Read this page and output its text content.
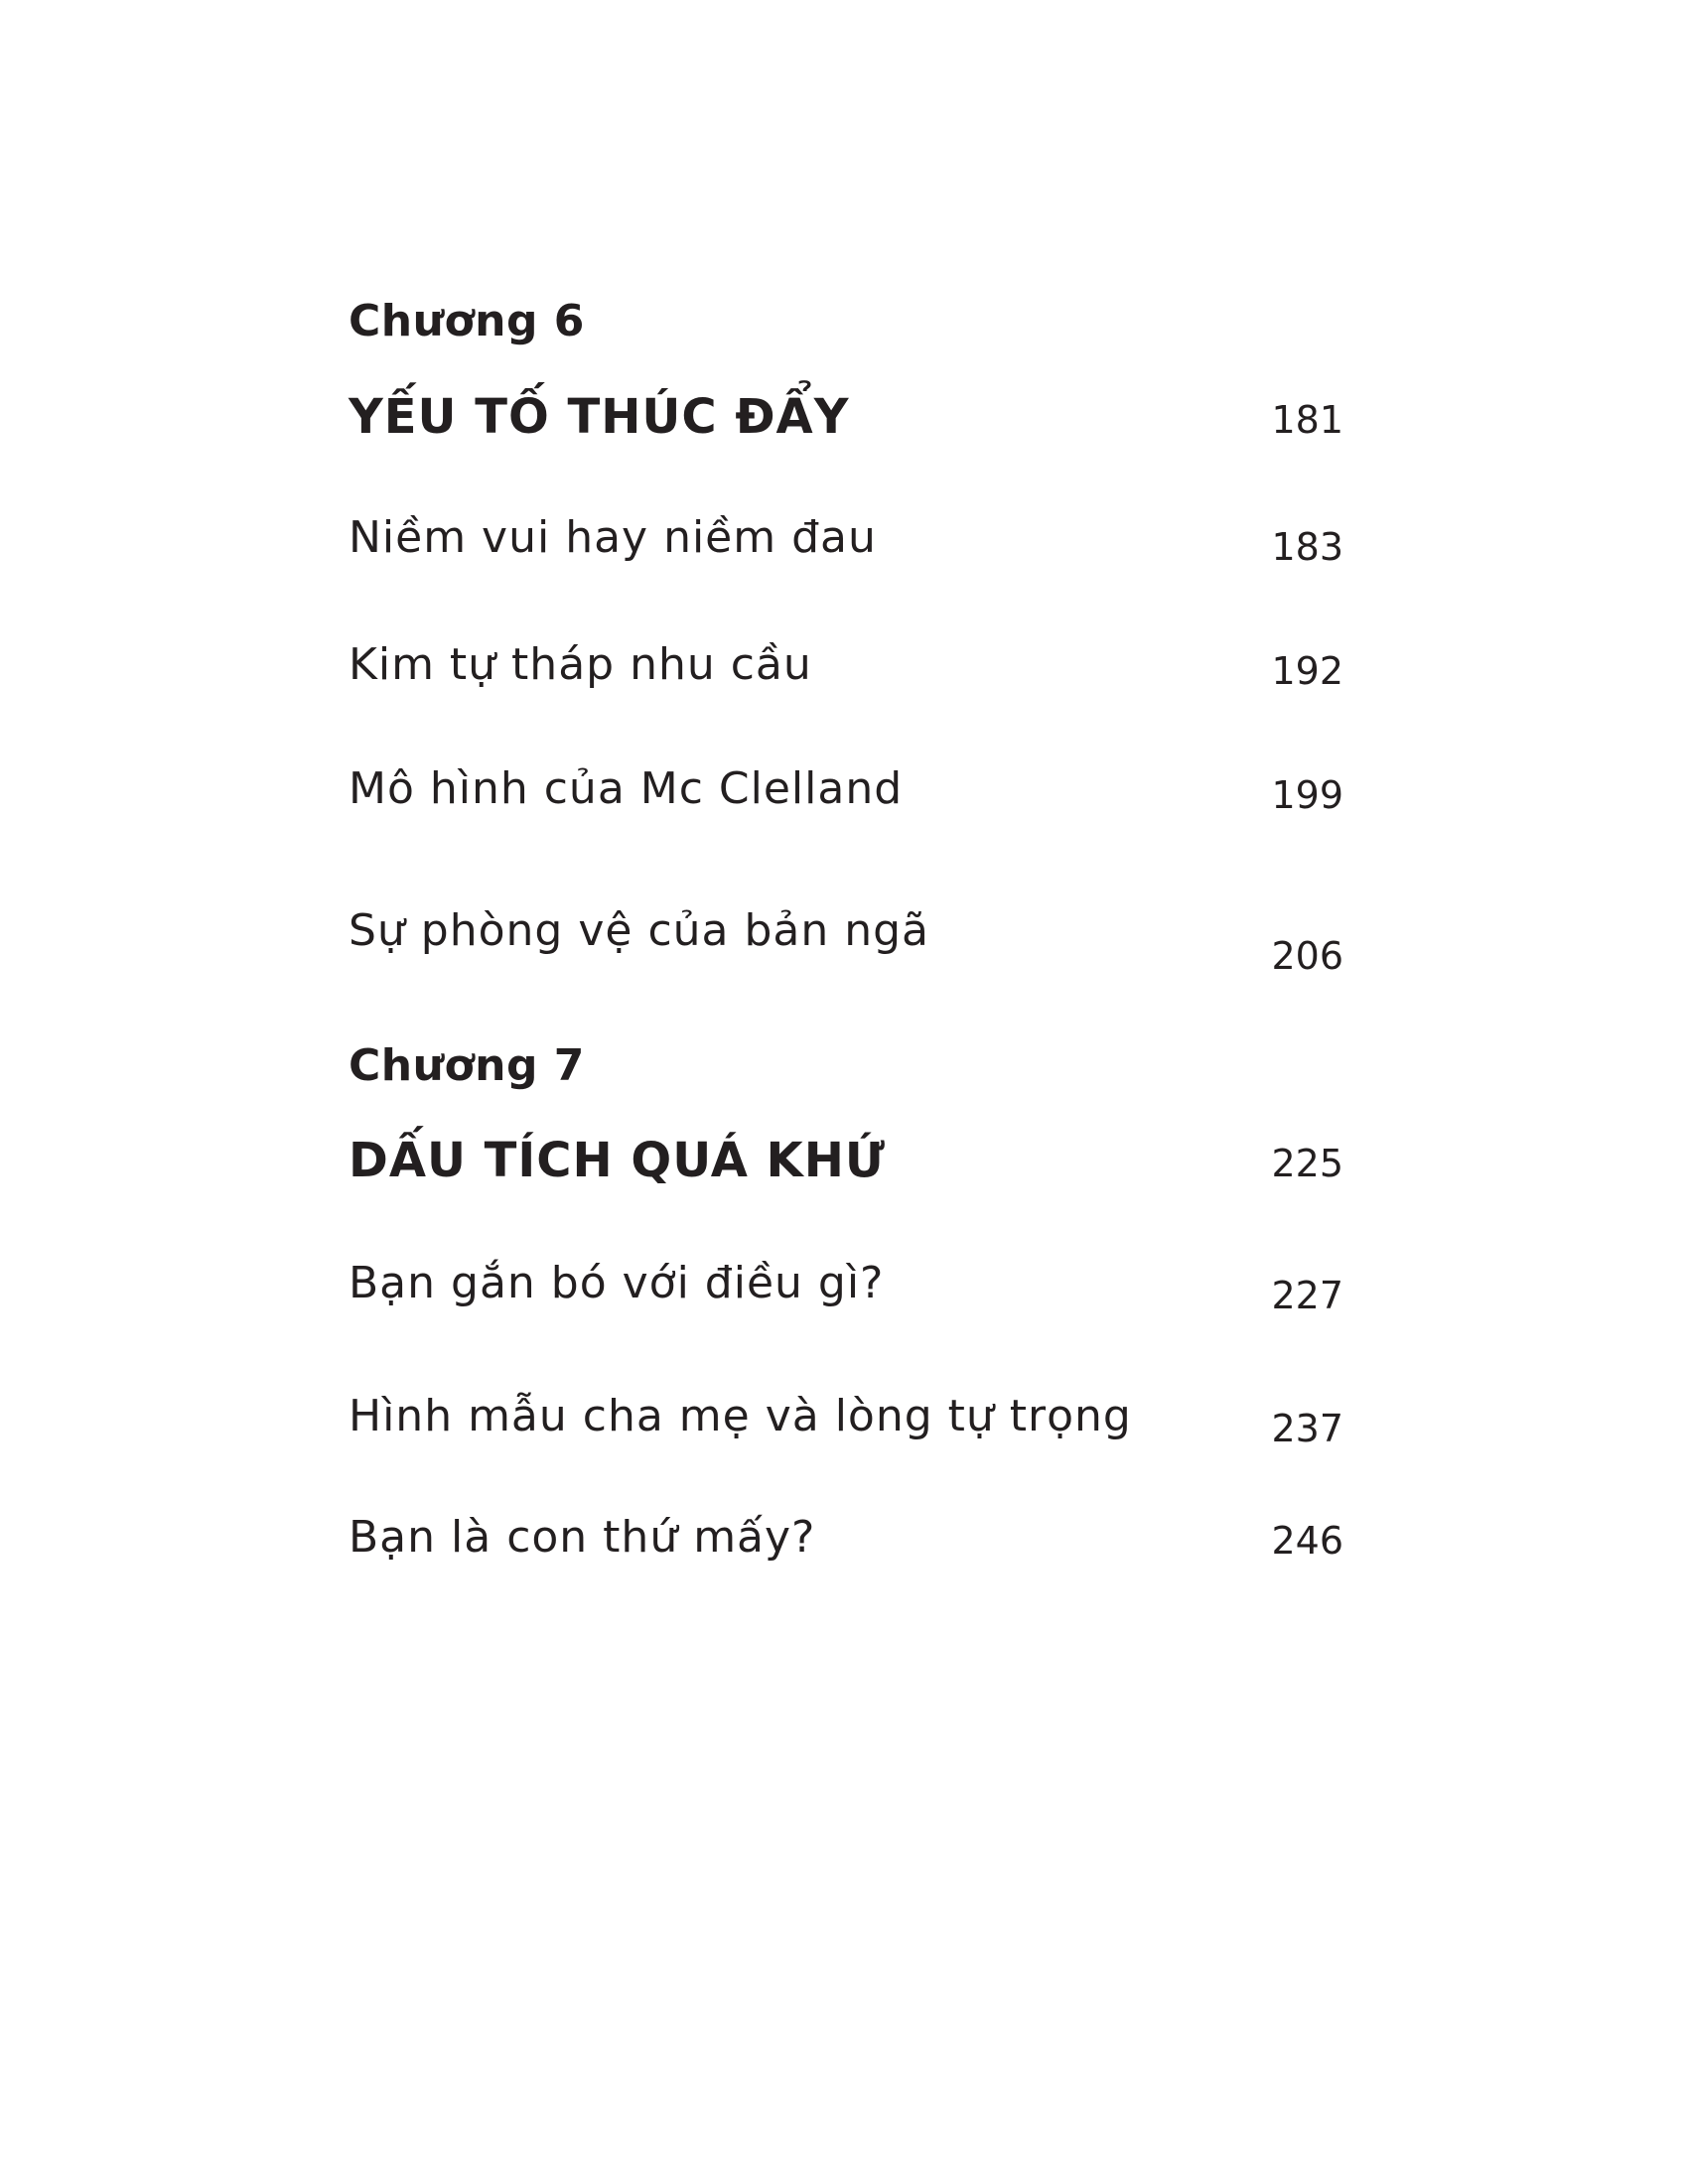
Chương 6
YẾU TỐ THÚC ĐẨY	181
Niềm vui hay niềm đau	183
Kim tự tháp nhu cầu	192
Mô hình của Mc Clelland	199
Sự phòng vệ của bản ngã	206
Chương 7
DẤU TÍCH QUÁ KHỨ	225
Bạn gắn bó với điều gì?	227
Hình mẫu cha mẹ và lòng tự trọng	237
Bạn là con thứ mấy?	246
